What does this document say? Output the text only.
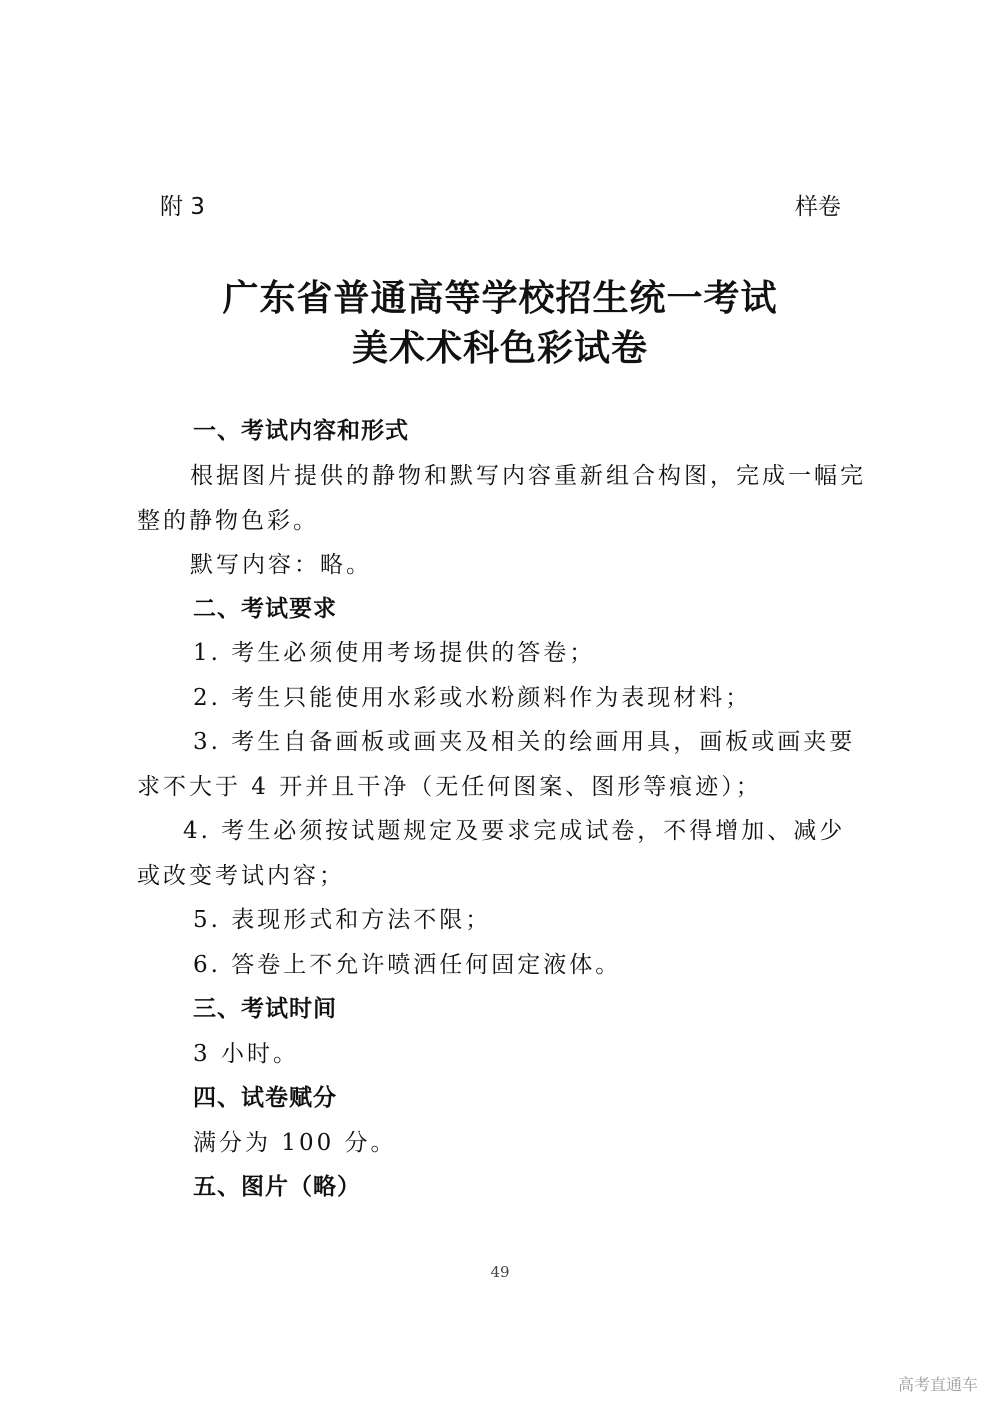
附 3	样卷
广东省普通高等学校招生统一考试
美术术科色彩试卷
一、考试内容和形式
根据图片提供的静物和默写内容重新组合构图，完成一幅完
整的静物色彩。
默写内容：略。
二、考试要求
1. 考生必须使用考场提供的答卷；
2. 考生只能使用水彩或水粉颜料作为表现材料；
3. 考生自备画板或画夹及相关的绘画用具，画板或画夹要
求不大于 4 开并且干净（无任何图案、图形等痕迹）；
4. 考生必须按试题规定及要求完成试卷，不得增加、减少
或改变考试内容；
5. 表现形式和方法不限；
6. 答卷上不允许喷洒任何固定液体。
三、考试时间
3 小时。
四、试卷赋分
满分为 100 分。
五、图片（略）
49
高考直通车
